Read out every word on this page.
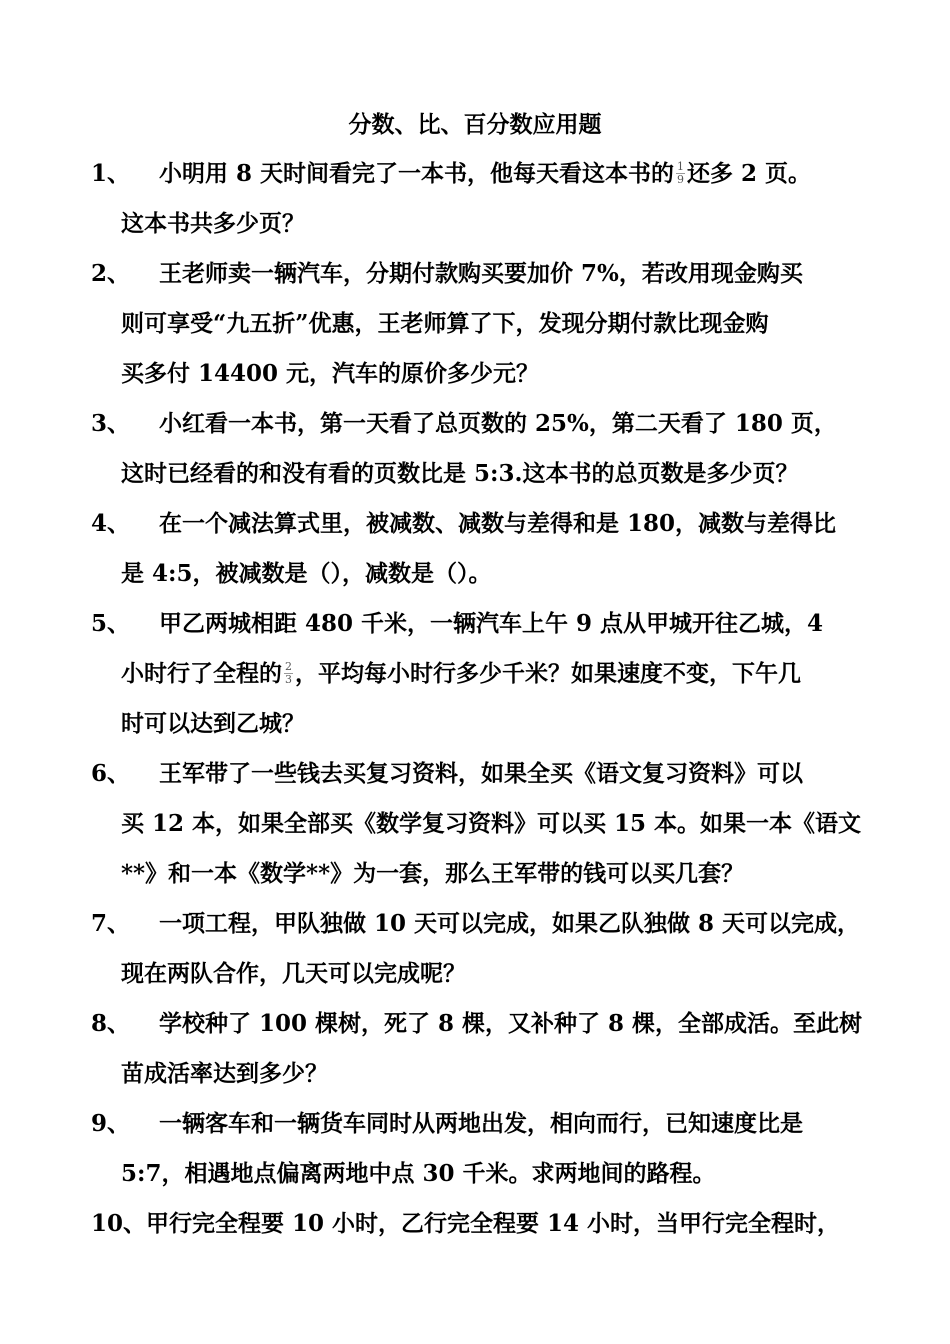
分数、比、百分数应用题
1、 小明用 8 天时间看完了一本书，他每天看这本书的 $\frac{1}{9}$ 还多 2 页。
这本书共多少页？
2、 王老师卖一辆汽车，分期付款购买要加价 7%，若改用现金购买
则可享受“九五折”优惠，王老师算了下，发现分期付款比现金购
买多付 14400 元，汽车的原价多少元？
3、 小红看一本书，第一天看了总页数的 25%，第二天看了 180 页，
这时已经看的和没有看的页数比是 5:3.这本书的总页数是多少页？
4、 在一个减法算式里，被减数、减数与差得和是 180，减数与差得比
是 4:5，被减数是（），减数是（）。
5、 甲乙两城相距 480 千米，一辆汽车上午 9 点从甲城开往乙城，4
小时行了全程的 $\frac{2}{3}$ ，平均每小时行多少千米？如果速度不变，下午几
时可以达到乙城？
6、 王军带了一些钱去买复习资料，如果全买《语文复习资料》可以
买 12 本，如果全部买《数学复习资料》可以买 15 本。如果一本《语文
**》和一本《数学**》为一套，那么王军带的钱可以买几套？
7、 一项工程，甲队独做 10 天可以完成，如果乙队独做 8 天可以完成，
现在两队合作，几天可以完成呢？
8、 学校种了 100 棵树，死了 8 棵，又补种了 8 棵，全部成活。至此树
苗成活率达到多少？
9、 一辆客车和一辆货车同时从两地出发，相向而行，已知速度比是
5:7，相遇地点偏离两地中点 30 千米。求两地间的路程。
10、甲行完全程要 10 小时，乙行完全程要 14 小时，当甲行完全程时，
